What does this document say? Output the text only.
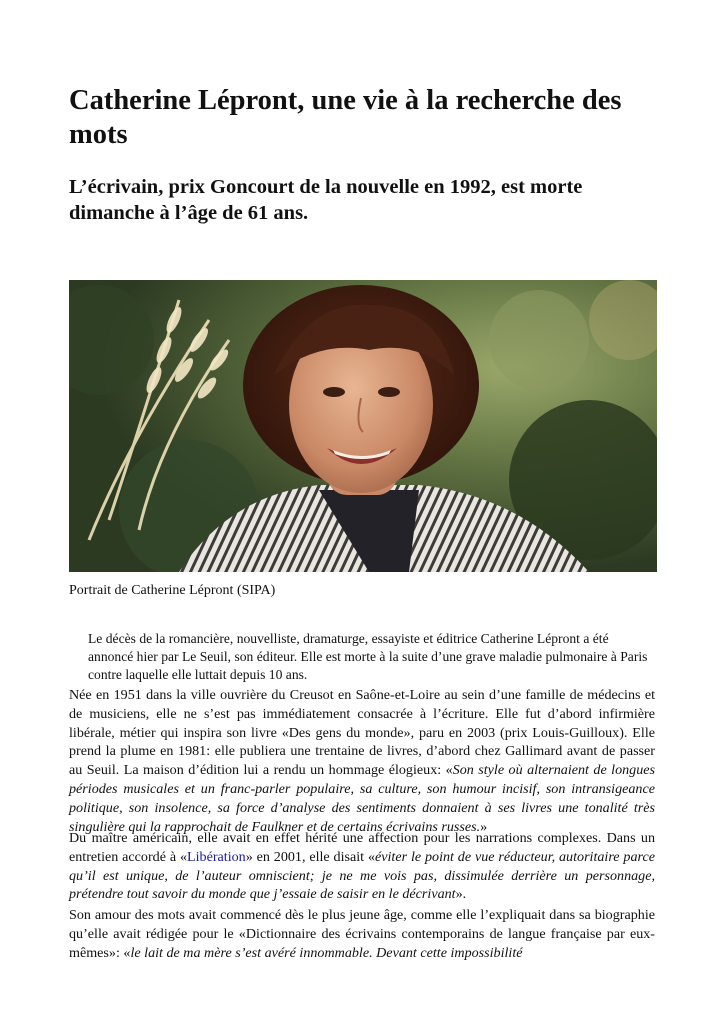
Catherine Lépront, une vie à la recherche des mots
L’écrivain, prix Goncourt de la nouvelle en 1992, est morte dimanche à l’âge de 61 ans.

Portrait de Catherine Lépront (SIPA)

Le décès de la romancière, nouvelliste, dramaturge, essayiste et éditrice Catherine Lépront a été annoncé hier par Le Seuil, son éditeur. Elle est morte à la suite d’une grave maladie pulmonaire à Paris contre laquelle elle luttait depuis 10 ans.

Née en 1951 dans la ville ouvrière du Creusot en Saône-et-Loire au sein d’une famille de médecins et de musiciens, elle ne s’est pas immédiatement consacrée à l’écriture. Elle fut d’abord infirmière libérale, métier qui inspira son livre «Des gens du monde», paru en 2003 (prix Louis-Guilloux). Elle prend la plume en 1981: elle publiera une trentaine de livres, d’abord chez Gallimard avant de passer au Seuil. La maison d’édition lui a rendu un hommage élogieux: «Son style où alternaient de longues périodes musicales et un franc-parler populaire, sa culture, son humour incisif, son intransigeance politique, son insolence, sa force d’analyse des sentiments donnaient à ses livres une tonalité très singulière qui la rapprochait de Faulkner et de certains écrivains russes.»

Du maître américain, elle avait en effet hérité une affection pour les narrations complexes. Dans un entretien accordé à «Libération» en 2001, elle disait «éviter le point de vue réducteur, autoritaire parce qu’il est unique, de l’auteur omniscient; je ne me vois pas, dissimulée derrière un personnage, prétendre tout savoir du monde que j’essaie de saisir en le décrivant».

Son amour des mots avait commencé dès le plus jeune âge, comme elle l’expliquait dans sa biographie qu’elle avait rédigée pour le «Dictionnaire des écrivains contemporains de langue française par eux-mêmes»: «le lait de ma mère s’est avéré innommable. Devant cette impossibilité
